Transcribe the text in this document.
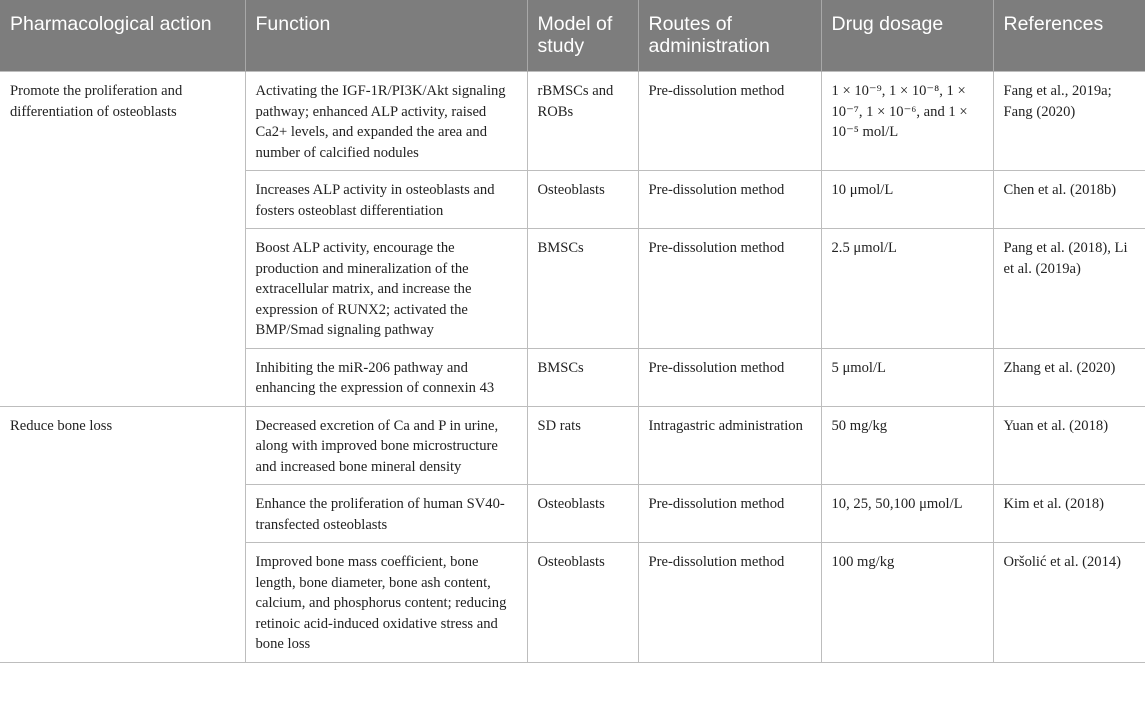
Pharmacological action	Function	Model of study	Routes of administration	Drug dosage	References
Promote the proliferation and differentiation of osteoblasts	Activating the IGF-1R/PI3K/Akt signaling pathway; enhanced ALP activity, raised Ca2+ levels, and expanded the area and number of calcified nodules	rBMSCs and ROBs	Pre-dissolution method	1 × 10⁻⁹, 1 × 10⁻⁸, 1 × 10⁻⁷, 1 × 10⁻⁶, and 1 × 10⁻⁵ mol/L	Fang et al., 2019a; Fang (2020)
	Increases ALP activity in osteoblasts and fosters osteoblast differentiation	Osteoblasts	Pre-dissolution method	10 μmol/L	Chen et al. (2018b)
	Boost ALP activity, encourage the production and mineralization of the extracellular matrix, and increase the expression of RUNX2; activated the BMP/Smad signaling pathway	BMSCs	Pre-dissolution method	2.5 μmol/L	Pang et al. (2018), Li et al. (2019a)
	Inhibiting the miR-206 pathway and enhancing the expression of connexin 43	BMSCs	Pre-dissolution method	5 μmol/L	Zhang et al. (2020)
Reduce bone loss	Decreased excretion of Ca and P in urine, along with improved bone microstructure and increased bone mineral density	SD rats	Intragastric administration	50 mg/kg	Yuan et al. (2018)
	Enhance the proliferation of human SV40-transfected osteoblasts	Osteoblasts	Pre-dissolution method	10, 25, 50,100 μmol/L	Kim et al. (2018)
	Improved bone mass coefficient, bone length, bone diameter, bone ash content, calcium, and phosphorus content; reducing retinoic acid-induced oxidative stress and bone loss	Osteoblasts	Pre-dissolution method	100 mg/kg	Oršolić et al. (2014)
